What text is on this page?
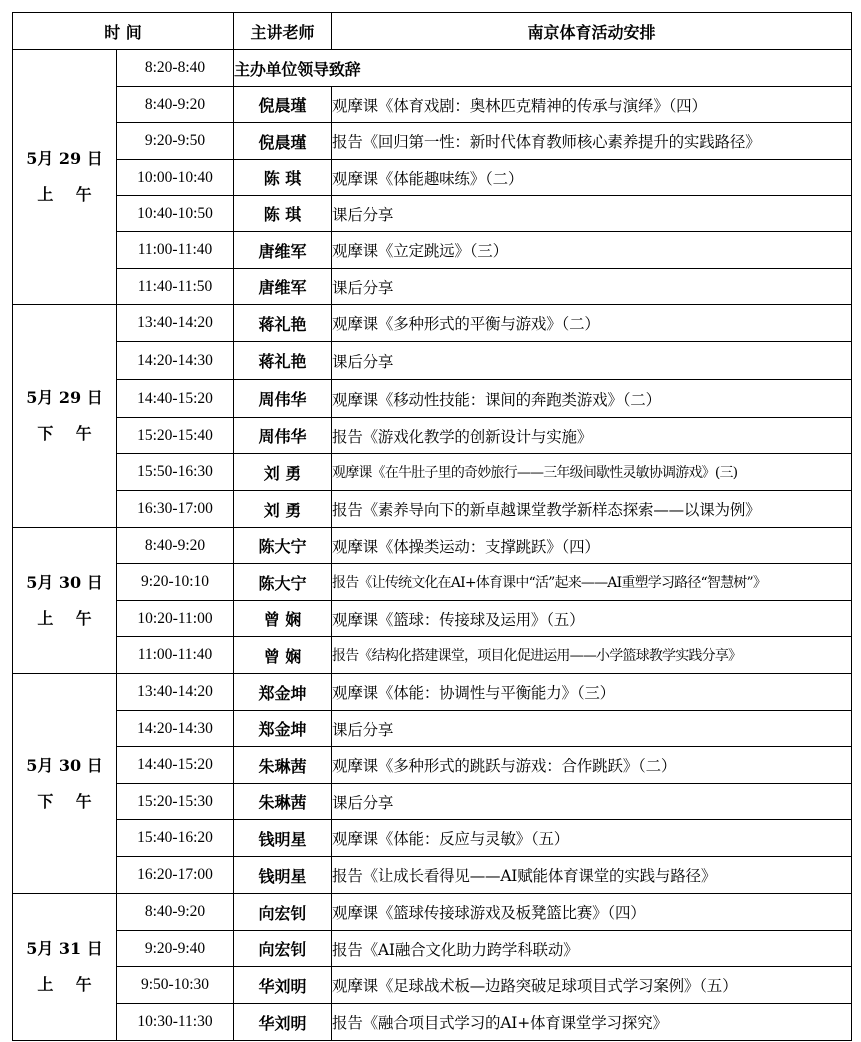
时 间		主讲老师	南京体育活动安排

5月 29 日
上    午	8:20-8:40	主办单位领导致辞	
	8:40-9:20	倪晨瑾	观摩课《体育戏剧：奥林匹克精神的传承与演绎》（四）
	9:20-9:50	倪晨瑾	报告《回归第一性：新时代体育教师核心素养提升的实践路径》
	10:00-10:40	陈 琪	观摩课《体能趣味练》（二）
	10:40-10:50	陈 琪	课后分享
	11:00-11:40	唐维军	观摩课《立定跳远》（三）
	11:40-11:50	唐维军	课后分享

5月 29 日
下    午	13:40-14:20	蒋礼艳	观摩课《多种形式的平衡与游戏》（二）
	14:20-14:30	蒋礼艳	课后分享
	14:40-15:20	周伟华	观摩课《移动性技能：课间的奔跑类游戏》（二）
	15:20-15:40	周伟华	报告《游戏化教学的创新设计与实施》
	15:50-16:30	刘 勇	观摩课《在牛肚子里的奇妙旅行——三年级间歇性灵敏协调游戏》(三)
	16:30-17:00	刘 勇	报告《素养导向下的新卓越课堂教学新样态探索——以课为例》

5月 30 日
上    午	8:40-9:20	陈大宁	观摩课《体操类运动：支撑跳跃》（四）
	9:20-10:10	陈大宁	报告《让传统文化在AI+体育课中“活”起来——AI重塑学习路径“智慧树”》
	10:20-11:00	曾 娴	观摩课《篮球：传接球及运用》（五）
	11:00-11:40	曾 娴	报告《结构化搭建课堂，项目化促进运用——小学篮球教学实践分享》

5月 30 日
下    午	13:40-14:20	郑金坤	观摩课《体能：协调性与平衡能力》（三）
	14:20-14:30	郑金坤	课后分享
	14:40-15:20	朱琳茜	观摩课《多种形式的跳跃与游戏：合作跳跃》（二）
	15:20-15:30	朱琳茜	课后分享
	15:40-16:20	钱明星	观摩课《体能：反应与灵敏》（五）
	16:20-17:00	钱明星	报告《让成长看得见——AI赋能体育课堂的实践与路径》

5月 31 日
上    午	8:40-9:20	向宏钊	观摩课《篮球传接球游戏及板凳篮比赛》（四）
	9:20-9:40	向宏钊	报告《AI融合文化助力跨学科联动》
	9:50-10:30	华刘明	观摩课《足球战术板—边路突破足球项目式学习案例》（五）
	10:30-11:30	华刘明	报告《融合项目式学习的AI+体育课堂学习探究》
